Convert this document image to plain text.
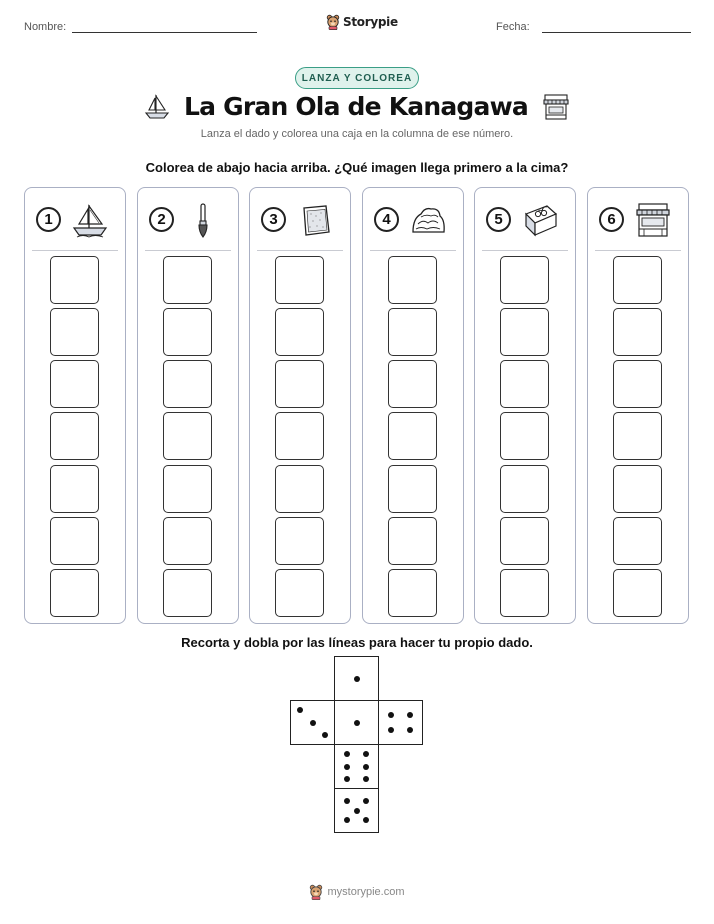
Nombre:	Storypie	Fecha:
LANZA Y COLOREA
La Gran Ola de Kanagawa
Lanza el dado y colorea una caja en la columna de ese número.
Colorea de abajo hacia arriba. ¿Qué imagen llega primero a la cima?
1	2	3	4	5	6
Recorta y dobla por las líneas para hacer tu propio dado.
mystorypie.com
